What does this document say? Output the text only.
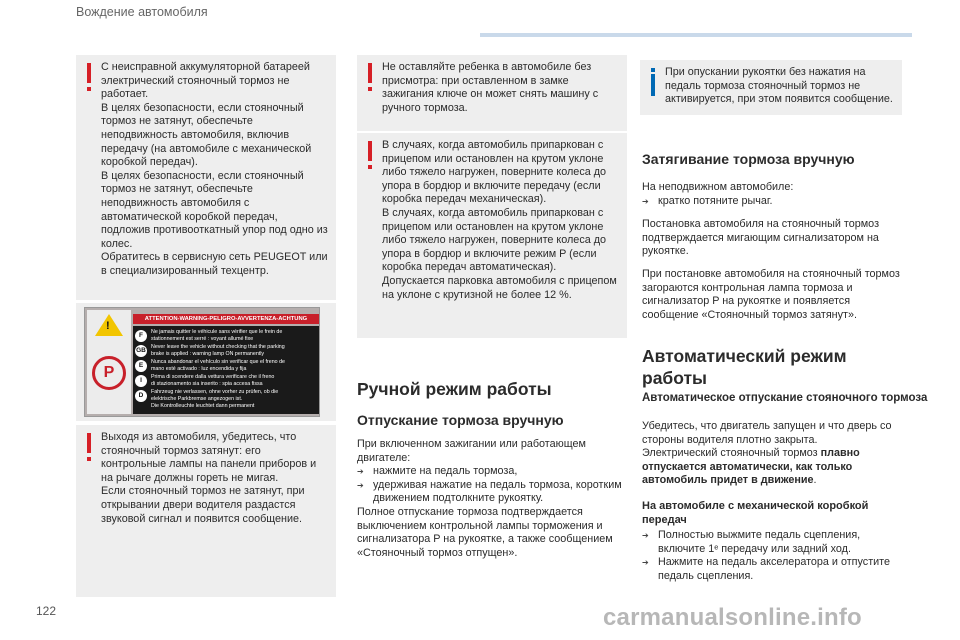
Вождение автомобиля

С неисправной аккумуляторной батареей электрический стояночный тормоз не работает.

В целях безопасности, если стояночный тормоз не затянут, обеспечьте неподвижность автомобиля, включив передачу (на автомобиле с механической коробкой передач).

В целях безопасности, если стояночный тормоз не затянут, обеспечьте неподвижность автомобиля с автоматической коробкой передач, подложив противооткатный упор под одно из колес.

Обратитесь в сервисную сеть PEUGEOT или в специализированный техцентр.

!
P
ATTENTION-WARNING-PELIGRO-AVVERTENZA-ACHTUNG
F	Ne jamais quitter le véhicule sans vérifier que le frein de
stationnement est serré : voyant allumé fixe
GB Never leave the vehicle without checking that the parking
brake is applied : warning lamp ON permanently
E	Nunca abandonar el vehículo sin verificar que el freno de
mano esté activado : luz encendida y fija
I	Prima di scendere dalla vettura verificare che il freno
di stazionamento sia inserito : spia accesa fissa
D	Fahrzeug nie verlassen, ohne vorher zu prüfen, ob die
elektrische Parkbremse angezogen ist.
Die Kontrolleuchte leuchtet dann permanent

Выходя из автомобиля, убедитесь, что стояночный тормоз затянут: его контрольные лампы на панели приборов и на рычаге должны гореть не мигая.

Если стояночный тормоз не затянут, при открывании двери водителя раздастся звуковой сигнал и появится сообщение.

Не оставляйте ребенка в автомобиле без присмотра: при оставленном в замке зажигания ключе он может снять машину с ручного тормоза.

В случаях, когда автомобиль припаркован с прицепом или остановлен на крутом уклоне либо тяжело нагружен, поверните колеса до упора в бордюр и включите передачу (если коробка передач механическая).

В случаях, когда автомобиль припаркован с прицепом или остановлен на крутом уклоне либо тяжело нагружен, поверните колеса до упора в бордюр и включите режим P (если коробка передач автоматическая).

Допускается парковка автомобиля с прицепом на уклоне с крутизной не более 12 %.

Ручной режим работы
Отпускание тормоза вручную

При включенном зажигании или работающем двигателе:

➔ нажмите на педаль тормоза,

➔ удерживая нажатие на педаль тормоза, коротким движением подтолкните рукоятку.

Полное отпускание тормоза подтверждается выключением контрольной лампы торможения и сигнализатора P на рукоятке, а также сообщением «Стояночный тормоз отпущен».

При опускании рукоятки без нажатия на педаль тормоза стояночный тормоз не активируется, при этом появится сообщение.

Затягивание тормоза вручную

На неподвижном автомобиле:

➔ кратко потяните рычаг.

Постановка автомобиля на стояночный тормоз подтверждается мигающим сигнализатором на рукоятке.
При постановке автомобиля на стояночный тормоз загораются контрольная лампа тормоза и сигнализатор P на рукоятке и появляется сообщение «Стояночный тормоз затянут».
Автоматический режим работы
Автоматическое отпускание стояночного тормоза

Убедитесь, что двигатель запущен и что дверь со стороны водителя плотно закрыта.

Электрический стояночный тормоз плавно отпускается автоматически, как только автомобиль придет в движение.

На автомобиле с механической коробкой передач

➔ Полностью выжмите педаль сцепления, включите 1ᵉ передачу или задний ход.

➔ Нажмите на педаль акселератора и отпустите педаль сцепления.

122	carmanualsonline.info
